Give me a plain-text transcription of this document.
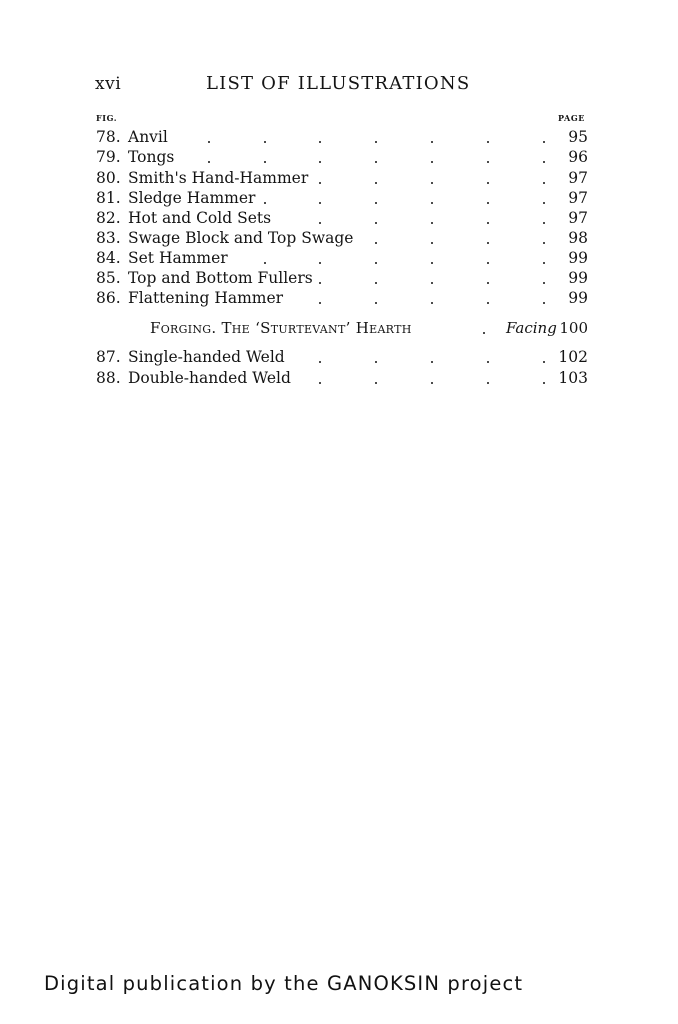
xvi	LIST OF ILLUSTRATIONS
FIG.	PAGE
78. Anvil	95
79. Tongs	96
80. Smith's Hand-Hammer	97
81. Sledge Hammer	97
82. Hot and Cold Sets	97
83. Swage Block and Top Swage	98
84. Set Hammer	99
85. Top and Bottom Fullers	99
86. Flattening Hammer	99
Forging. The ‘Sturtevant’ Hearth	Facing 100
87. Single-handed Weld	102
88. Double-handed Weld	103
Digital publication by the GANOKSIN project
